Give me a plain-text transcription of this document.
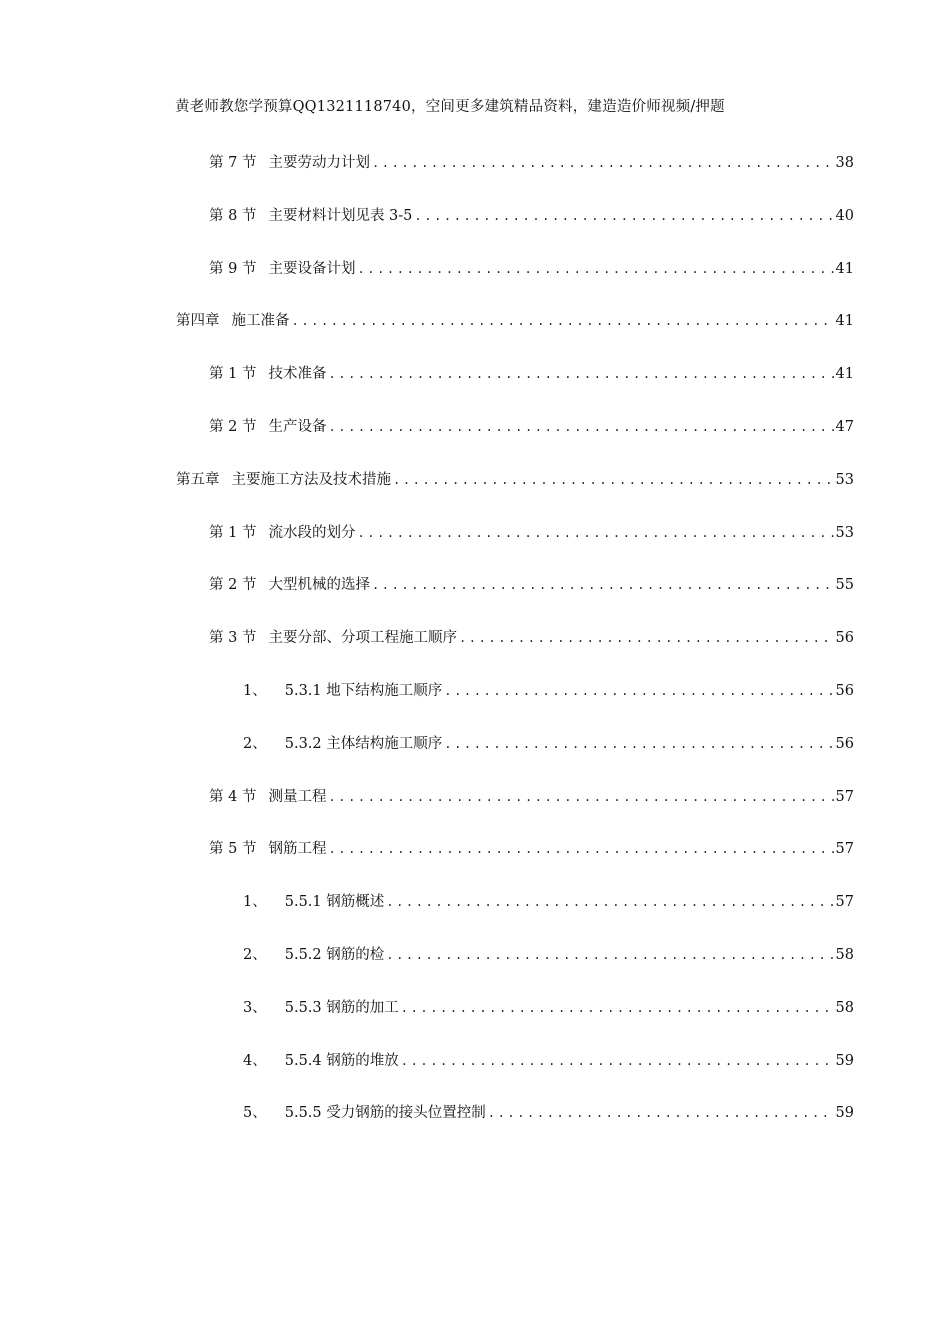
黄老师教您学预算QQ1321118740，空间更多建筑精品资料，建造造价师视频/押题
第 7 节 主要劳动力计划 .....	38
第 8 节 主要材料计划见表 3-5 .....	40
第 9 节 主要设备计划 .....	41
第四章 施工准备 .....	41
第 1 节 技术准备 .....	41
第 2 节 生产设备 .....	47
第五章 主要施工方法及技术措施 .....	53
第 1 节 流水段的划分 .....	53
第 2 节 大型机械的选择 .....	55
第 3 节 主要分部、分项工程施工顺序 .....	56
1、 5.3.1 地下结构施工顺序 .....	56
2、 5.3.2 主体结构施工顺序 .....	56
第 4 节 测量工程 .....	57
第 5 节 钢筋工程 .....	57
1、 5.5.1 钢筋概述 .....	57
2、 5.5.2 钢筋的检 .....	58
3、 5.5.3 钢筋的加工 .....	58
4、 5.5.4 钢筋的堆放 .....	59
5、 5.5.5 受力钢筋的接头位置控制 .....	59
